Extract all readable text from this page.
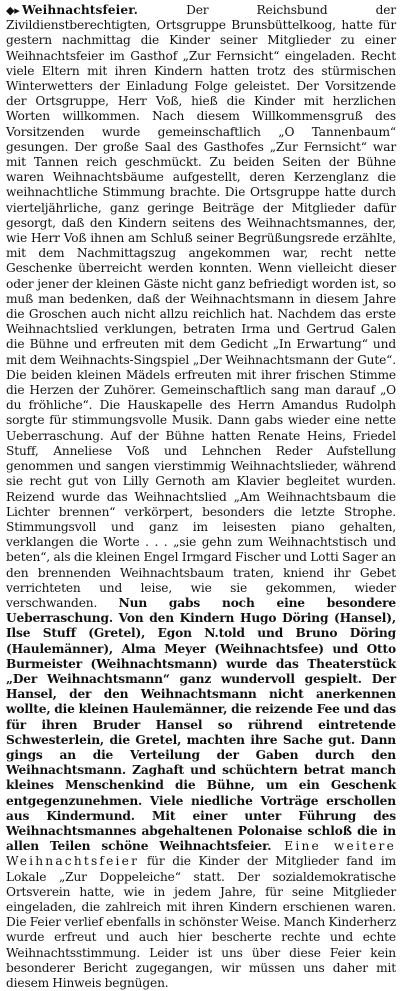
◆▸ Weihnachtsfeier. Der Reichsbund der Zivildienstberechtigten, Ortsgruppe Brunsbüttelkoog, hatte für gestern nachmittag die Kinder seiner Mitglieder zu einer Weihnachtsfeier im Gasthof „Zur Fernsicht“ eingeladen. Recht viele Eltern mit ihren Kindern hatten trotz des stürmischen Winterwetters der Einladung Folge geleistet. Der Vorsitzende der Ortsgruppe, Herr Voß, hieß die Kinder mit herzlichen Worten willkommen. Nach diesem Willkommensgruß des Vorsitzenden wurde gemeinschaftlich „O Tannenbaum“ gesungen. Der große Saal des Gasthofes „Zur Fernsicht“ war mit Tannen reich geschmückt. Zu beiden Seiten der Bühne waren Weihnachtsbäume aufgestellt, deren Kerzenglanz die weihnachtliche Stimmung brachte. Die Ortsgruppe hatte durch vierteljährliche, ganz geringe Beiträge der Mitglieder dafür gesorgt, daß den Kindern seitens des Weihnachtsmannes, der, wie Herr Voß ihnen am Schluß seiner Begrüßungsrede erzählte, mit dem Nachmittagszug angekommen war, recht nette Geschenke überreicht werden konnten. Wenn vielleicht dieser oder jener der kleinen Gäste nicht ganz befriedigt worden ist, so muß man bedenken, daß der Weihnachtsmann in diesem Jahre die Groschen auch nicht allzu reichlich hat. Nachdem das erste Weihnachtslied verklungen, betraten Irma und Gertrud Galen die Bühne und erfreuten mit dem Gedicht „In Erwartung“ und mit dem Weihnachts-Singspiel „Der Weihnachtsmann der Gute“. Die beiden kleinen Mädels erfreuten mit ihrer frischen Stimme die Herzen der Zuhörer. Gemeinschaftlich sang man darauf „O du fröhliche“. Die Hauskapelle des Herrn Amandus Rudolph sorgte für stimmungsvolle Musik. Dann gabs wieder eine nette Ueberraschung. Auf der Bühne hatten Renate Heins, Friedel Stuff, Anneliese Voß und Lehnchen Reder Aufstellung genommen und sangen vierstimmig Weihnachtslieder, während sie recht gut von Lilly Gernoth am Klavier begleitet wurden. Reizend wurde das Weihnachtslied „Am Weihnachtsbaum die Lichter brennen“ verkörpert, besonders die letzte Strophe. Stimmungsvoll und ganz im leisesten piano gehalten, verklangen die Worte . . . „sie gehn zum Weihnachtstisch und beten“, als die kleinen Engel Irmgard Fischer und Lotti Sager an den brennenden Weihnachtsbaum traten, kniend ihr Gebet verrichteten und leise, wie sie gekommen, wieder verschwanden. Nun gabs noch eine besondere Ueberraschung. Von den Kindern Hugo Döring (Hansel), Ilse Stuff (Gretel), Egon N.told und Bruno Döring (Haulemänner), Alma Meyer (Weihnachtsfee) und Otto Burmeister (Weihnachtsmann) wurde das Theaterstück „Der Weihnachtsmann“ ganz wundervoll gespielt. Der Hansel, der den Weihnachtsmann nicht anerkennen wollte, die kleinen Haulemänner, die reizende Fee und das für ihren Bruder Hansel so rührend eintretende Schwesterlein, die Gretel, machten ihre Sache gut. Dann gings an die Verteilung der Gaben durch den Weihnachtsmann. Zaghaft und schüchtern betrat manch kleines Menschenkind die Bühne, um ein Geschenk entgegenzunehmen. Viele niedliche Vorträge erschollen aus Kindermund. Mit einer unter Führung des Weihnachtsmannes abgehaltenen Polonaise schloß die in allen Teilen schöne Weihnachtsfeier. Eine weitere Weihnachtsfeier für die Kinder der Mitglieder fand im Lokale „Zur Doppeleiche“ statt. Der sozialdemokratische Ortsverein hatte, wie in jedem Jahre, für seine Mitglieder eingeladen, die zahlreich mit ihren Kindern erschienen waren. Die Feier verlief ebenfalls in schönster Weise. Manch Kinderherz wurde erfreut und auch hier bescherte rechte und echte Weihnachtsstimmung. Leider ist uns über diese Feier kein besonderer Bericht zugegangen, wir müssen uns daher mit diesem Hinweis begnügen.
